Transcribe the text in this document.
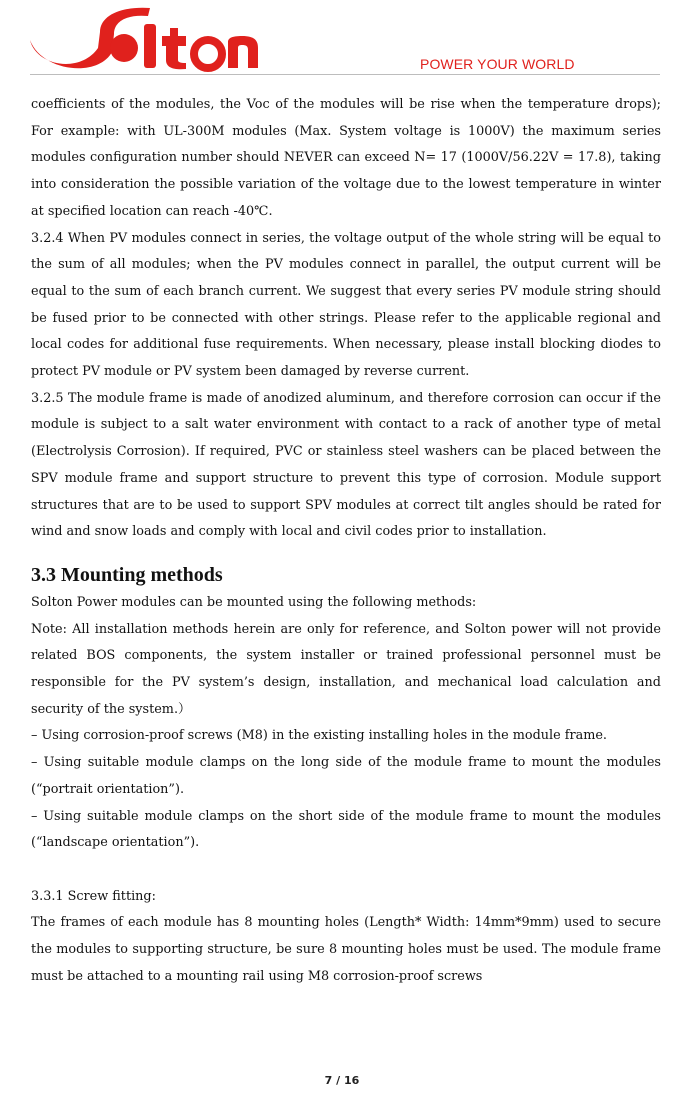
POWER YOUR WORLD

coefficients of the modules, the Voc of the modules will be rise when the temperature drops); For example: with UL-300M modules (Max. System voltage is 1000V) the maximum series modules configuration number should NEVER can exceed N= 17 (1000V/56.22V = 17.8), taking into consideration the possible variation of the voltage due to the lowest temperature in winter at specified location can reach -40℃.

3.2.4 When PV modules connect in series, the voltage output of the whole string will be equal to the sum of all modules; when the PV modules connect in parallel, the output current will be equal to the sum of each branch current. We suggest that every series PV module string should be fused prior to be connected with other strings. Please refer to the applicable regional and local codes for additional fuse requirements. When necessary, please install blocking diodes to protect PV module or PV system been damaged by reverse current.

3.2.5 The module frame is made of anodized aluminum, and therefore corrosion can occur if the module is subject to a salt water environment with contact to a rack of another type of metal (Electrolysis Corrosion). If required, PVC or stainless steel washers can be placed between the SPV module frame and support structure to prevent this type of corrosion. Module support structures that are to be used to support SPV modules at correct tilt angles should be rated for wind and snow loads and comply with local and civil codes prior to installation.

3.3 Mounting methods

Solton Power modules can be mounted using the following methods:

Note: All installation methods herein are only for reference, and Solton power will not provide related BOS components, the system installer or trained professional personnel must be responsible for the PV system’s design, installation, and mechanical load calculation and security of the system.）

– Using corrosion-proof screws (M8) in the existing installing holes in the module frame.

– Using suitable module clamps on the long side of the module frame to mount the modules (“portrait orientation”).

– Using suitable module clamps on the short side of the module frame to mount the modules (“landscape orientation”).

3.3.1 Screw fitting:

The frames of each module has 8 mounting holes (Length* Width: 14mm*9mm) used to secure the modules to supporting structure, be sure 8 mounting holes must be used. The module frame must be attached to a mounting rail using M8 corrosion-proof screws

7 / 16
